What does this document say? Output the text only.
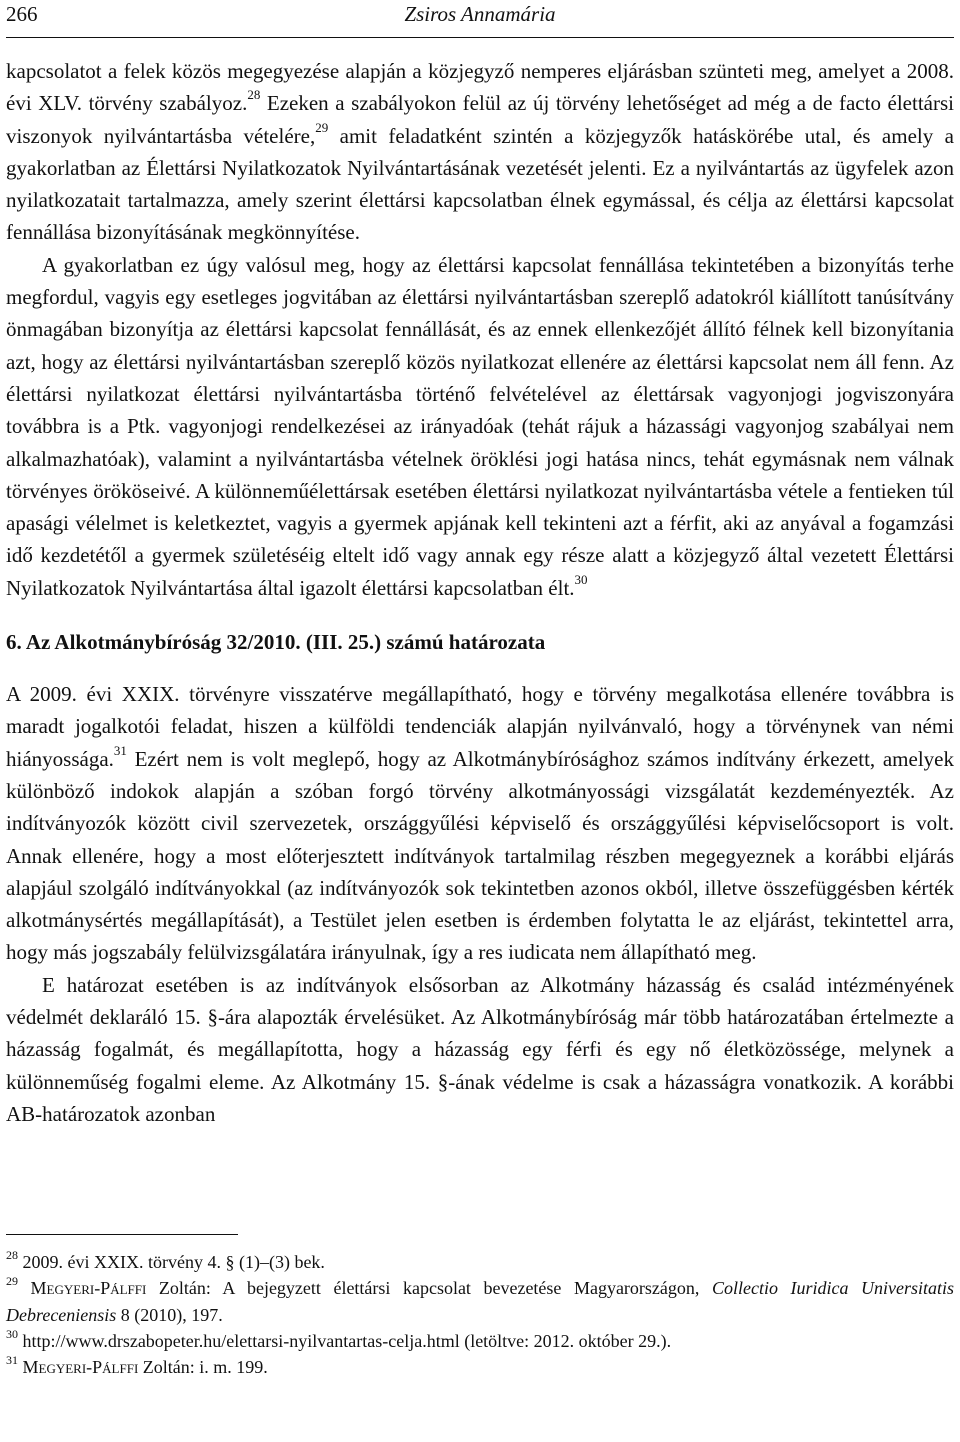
266	Zsiros Annamária

kapcsolatot a felek közös megegyezése alapján a közjegyző nemperes eljárásban szünteti meg, amelyet a 2008. évi XLV. törvény szabályoz.$^{28}$ Ezeken a szabályokon felül az új törvény lehetőséget ad még a de facto élettársi viszonyok nyilvántartásba vételére,$^{29}$ amit feladatként szintén a közjegyzők hatáskörébe utal, és amely a gyakorlatban az Élettársi Nyilatkozatok Nyilvántartásának vezetését jelenti. Ez a nyilvántartás az ügyfelek azon nyilatkozatait tartalmazza, amely szerint élettársi kapcsolatban élnek egymással, és célja az élettársi kapcsolat fennállása bizonyításának megkönnyítése.

A gyakorlatban ez úgy valósul meg, hogy az élettársi kapcsolat fennállása tekintetében a bizonyítás terhe megfordul, vagyis egy esetleges jogvitában az élettársi nyilvántartásban szereplő adatokról kiállított tanúsítvány önmagában bizonyítja az élettársi kapcsolat fennállását, és az ennek ellenkezőjét állító félnek kell bizonyítania azt, hogy az élettársi nyilvántartásban szereplő közös nyilatkozat ellenére az élettársi kapcsolat nem áll fenn. Az élettársi nyilatkozat élettársi nyilvántartásba történő felvételével az élettársak vagyonjogi jogviszonyára továbbra is a Ptk. vagyonjogi rendelkezései az irányadóak (tehát rájuk a házassági vagyonjog szabályai nem alkalmazhatóak), valamint a nyilvántartásba vételnek öröklési jogi hatása nincs, tehát egymásnak nem válnak törvényes örököseivé. A különneműélettársak esetében élettársi nyilatkozat nyilvántartásba vétele a fentieken túl apasági vélelmet is keletkeztet, vagyis a gyermek apjának kell tekinteni azt a férfit, aki az anyával a fogamzási idő kezdetétől a gyermek születéséig eltelt idő vagy annak egy része alatt a közjegyző által vezetett Élettársi Nyilatkozatok Nyilvántartása által igazolt élettársi kapcsolatban élt.$^{30}$

6. Az Alkotmánybíróság 32/2010. (III. 25.) számú határozata

A 2009. évi XXIX. törvényre visszatérve megállapítható, hogy e törvény megalkotása ellenére továbbra is maradt jogalkotói feladat, hiszen a külföldi tendenciák alapján nyilvánvaló, hogy a törvénynek van némi hiányossága.$^{31}$ Ezért nem is volt meglepő, hogy az Alkotmánybírósághoz számos indítvány érkezett, amelyek különböző indokok alapján a szóban forgó törvény alkotmányossági vizsgálatát kezdeményezték. Az indítványozók között civil szervezetek, országgyűlési képviselő és országgyűlési képviselőcsoport is volt. Annak ellenére, hogy a most előterjesztett indítványok tartalmilag részben megegyeznek a korábbi eljárás alapjául szolgáló indítványokkal (az indítványozók sok tekintetben azonos okból, illetve összefüggésben kérték alkotmánysértés megállapítását), a Testület jelen esetben is érdemben folytatta le az eljárást, tekintettel arra, hogy más jogszabály felülvizsgálatára irányulnak, így a res iudicata nem állapítható meg.

E határozat esetében is az indítványok elsősorban az Alkotmány házasság és család intézményének védelmét deklaráló 15. §-ára alapozták érvelésüket. Az Alkotmánybíróság már több határozatában értelmezte a házasság fogalmát, és megállapította, hogy a házasság egy férfi és egy nő életközössége, melynek a különneműség fogalmi eleme. Az Alkotmány 15. §-ának védelme is csak a házasságra vonatkozik. A korábbi AB-határozatok azonban

$^{28}$ 2009. évi XXIX. törvény 4. § (1)–(3) bek.

$^{29}$ Megyeri-Pálffi Zoltán: A bejegyzett élettársi kapcsolat bevezetése Magyarországon, Collectio Iuridica Universitatis Debreceniensis 8 (2010), 197.

$^{30}$ http://www.drszabopeter.hu/elettarsi-nyilvantartas-celja.html (letöltve: 2012. október 29.).

$^{31}$ Megyeri-Pálffi Zoltán: i. m. 199.
